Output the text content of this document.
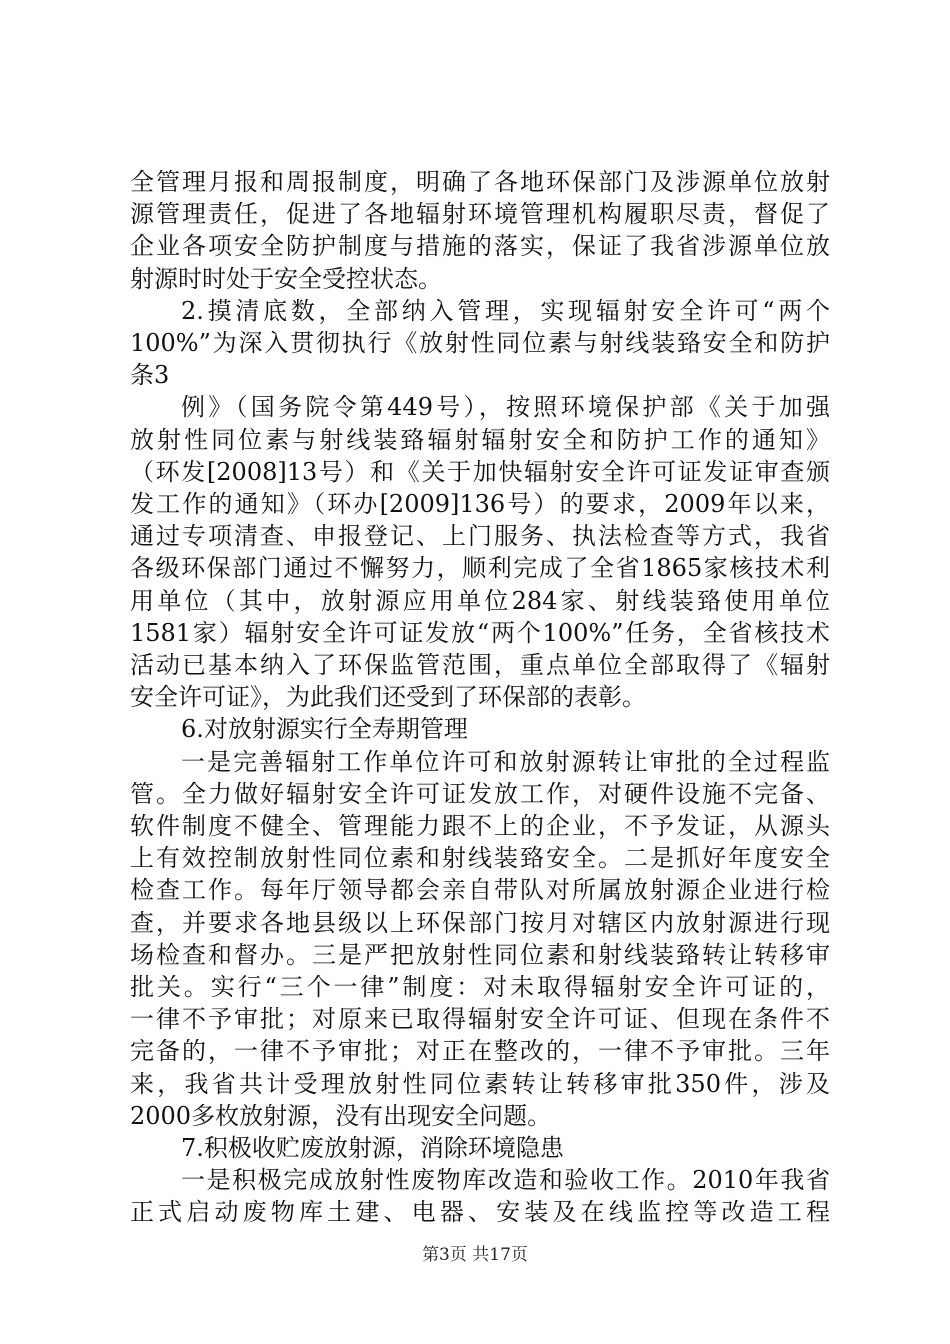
全管理月报和周报制度，明确了各地环保部门及涉源单位放射
源管理责任，促进了各地辐射环境管理机构履职尽责，督促了
企业各项安全防护制度与措施的落实，保证了我省涉源单位放
射源时时处于安全受控状态。
2.摸清底数，全部纳入管理，实现辐射安全许可“两个
100%”为深入贯彻执行《放射性同位素与射线装臵安全和防护
条3
例》（国务院令第449号），按照环境保护部《关于加强
放射性同位素与射线装臵辐射辐射安全和防护工作的通知》
（环发[2008]13号）和《关于加快辐射安全许可证发证审查颁
发工作的通知》（环办[2009]136号）的要求，2009年以来，
通过专项清查、申报登记、上门服务、执法检查等方式，我省
各级环保部门通过不懈努力，顺利完成了全省1865家核技术利
用单位（其中，放射源应用单位284家、射线装臵使用单位
1581家）辐射安全许可证发放“两个100%”任务，全省核技术
活动已基本纳入了环保监管范围，重点单位全部取得了《辐射
安全许可证》，为此我们还受到了环保部的表彰。
6.对放射源实行全寿期管理
一是完善辐射工作单位许可和放射源转让审批的全过程监
管。全力做好辐射安全许可证发放工作，对硬件设施不完备、
软件制度不健全、管理能力跟不上的企业，不予发证，从源头
上有效控制放射性同位素和射线装臵安全。二是抓好年度安全
检查工作。每年厅领导都会亲自带队对所属放射源企业进行检
查，并要求各地县级以上环保部门按月对辖区内放射源进行现
场检查和督办。三是严把放射性同位素和射线装臵转让转移审
批关。实行“三个一律”制度：对未取得辐射安全许可证的，
一律不予审批；对原来已取得辐射安全许可证、但现在条件不
完备的，一律不予审批；对正在整改的，一律不予审批。三年
来，我省共计受理放射性同位素转让转移审批350件，涉及
2000多枚放射源，没有出现安全问题。
7.积极收贮废放射源，消除环境隐患
一是积极完成放射性废物库改造和验收工作。2010年我省
正式启动废物库土建、电器、安装及在线监控等改造工程
第3页 共17页
